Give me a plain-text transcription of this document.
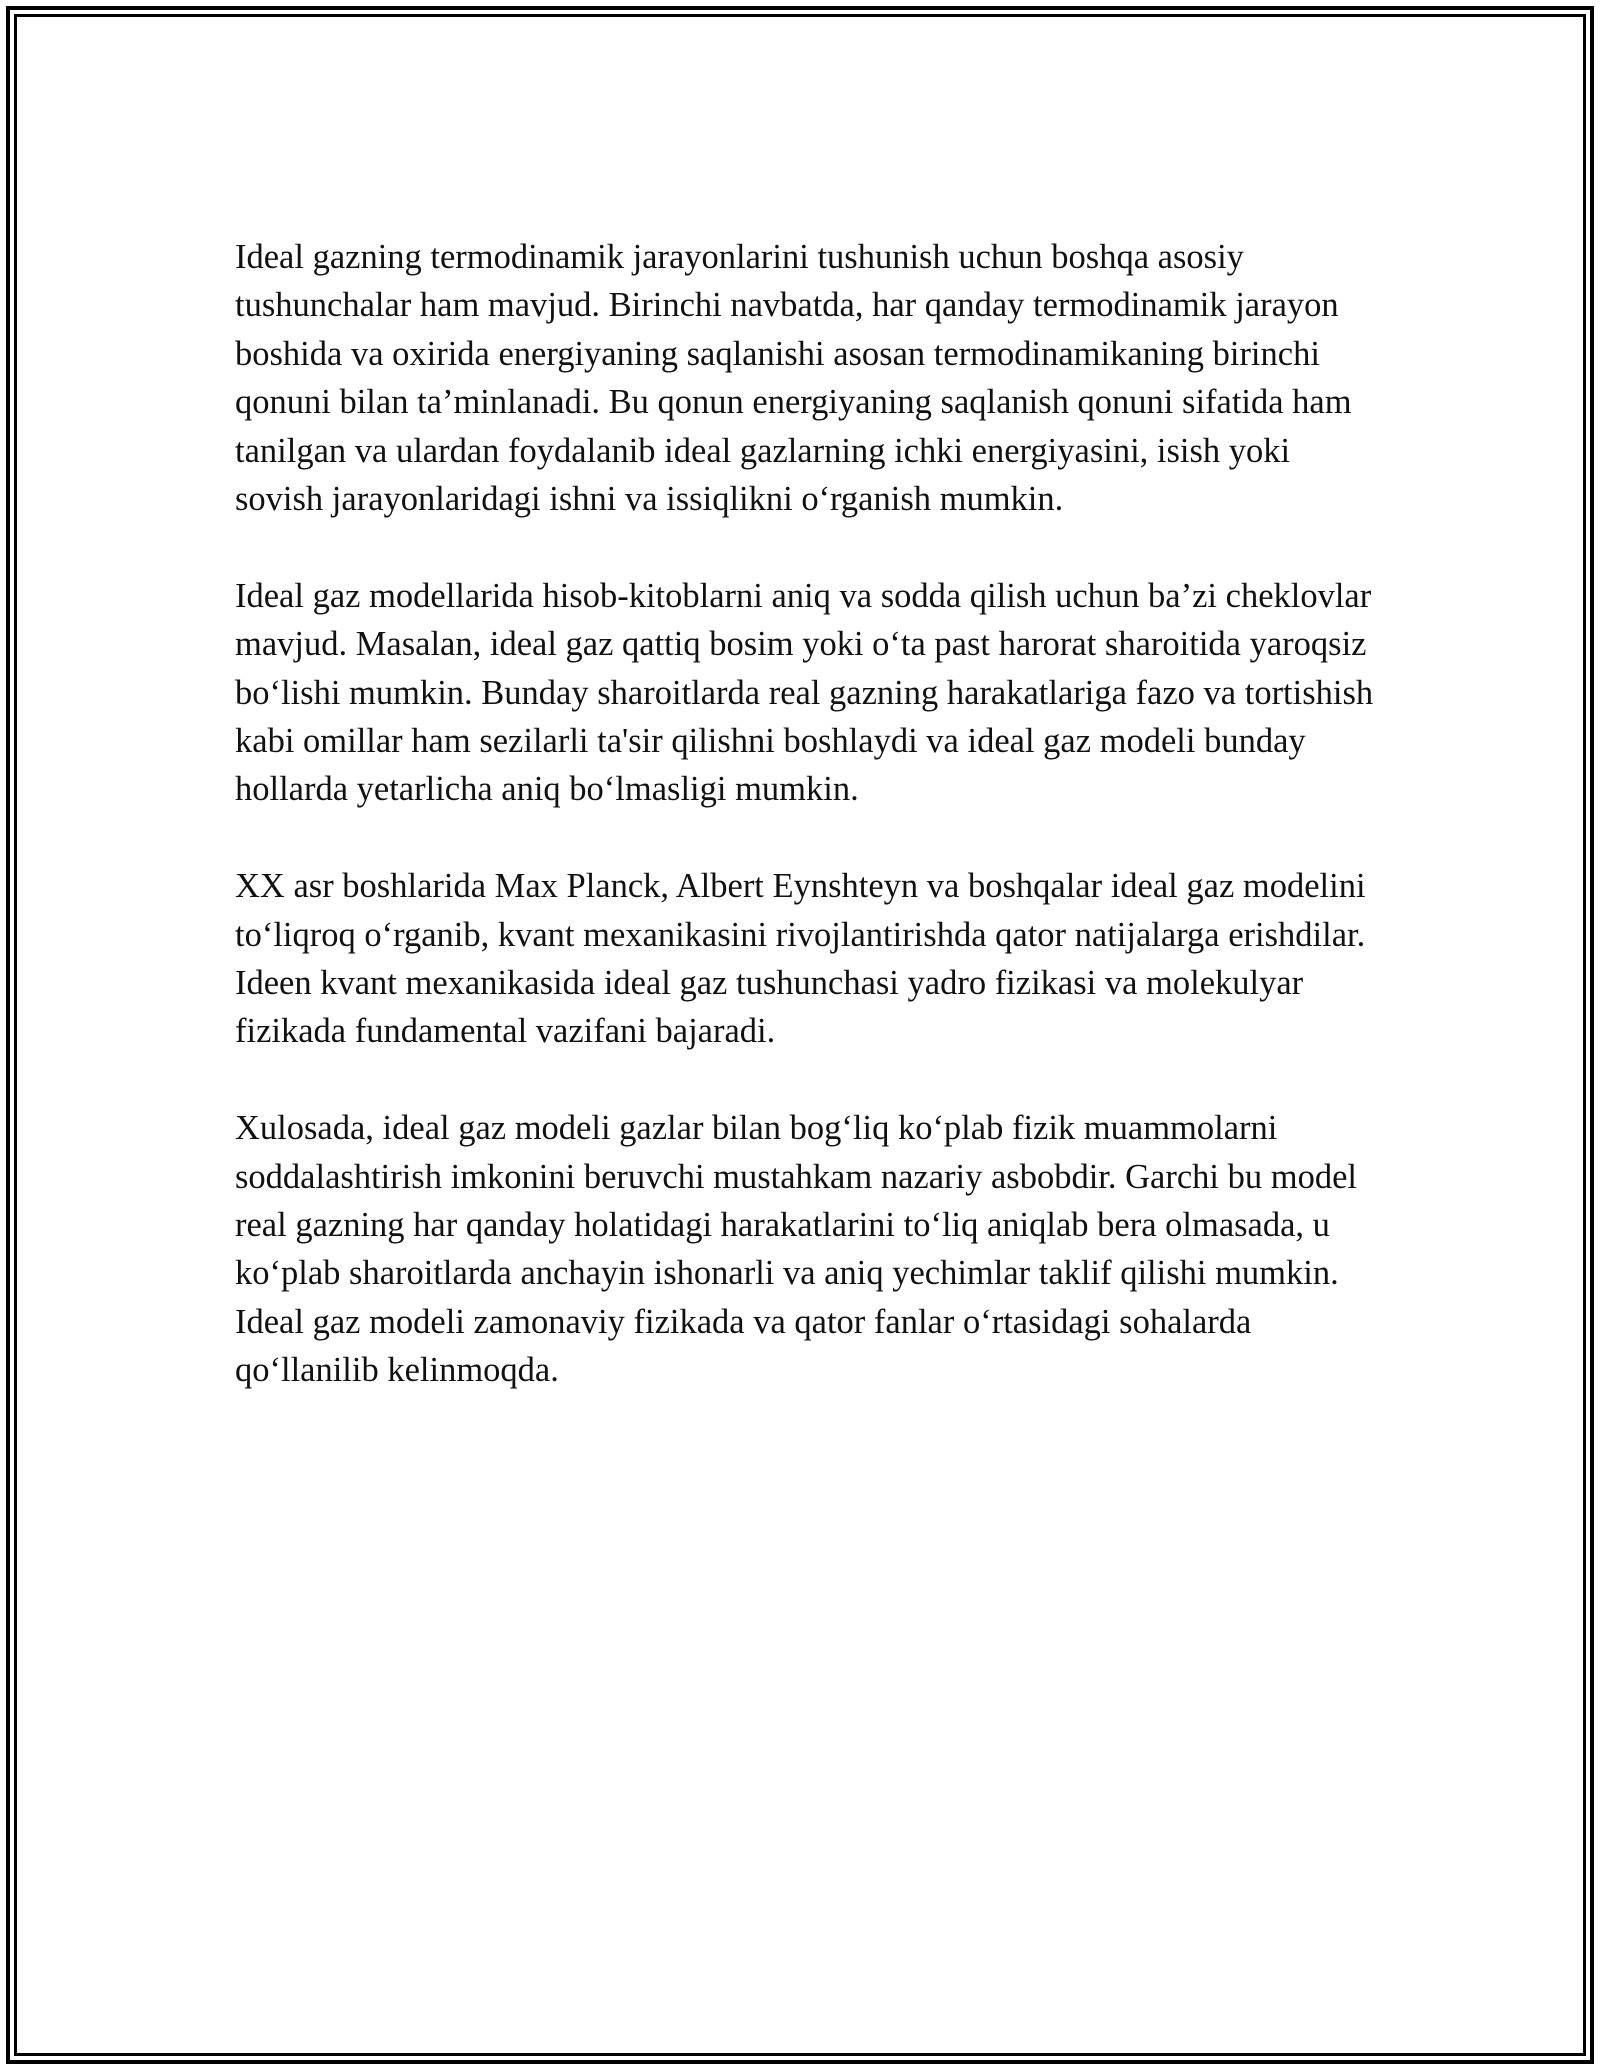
Ideal gazning termodinamik jarayonlarini tushunish uchun boshqa asosiy tushunchalar ham mavjud. Birinchi navbatda, har qanday termodinamik jarayon boshida va oxirida energiyaning saqlanishi asosan termodinamikaning birinchi qonuni bilan ta’minlanadi. Bu qonun energiyaning saqlanish qonuni sifatida ham tanilgan va ulardan foydalanib ideal gazlarning ichki energiyasini, isish yoki sovish jarayonlaridagi ishni va issiqlikni o‘rganish mumkin.

Ideal gaz modellarida hisob-kitoblarni aniq va sodda qilish uchun ba’zi cheklovlar mavjud. Masalan, ideal gaz qattiq bosim yoki o‘ta past harorat sharoitida yaroqsiz bo‘lishi mumkin. Bunday sharoitlarda real gazning harakatlariga fazo va tortishish kabi omillar ham sezilarli ta'sir qilishni boshlaydi va ideal gaz modeli bunday hollarda yetarlicha aniq bo‘lmasligi mumkin.

XX asr boshlarida Max Planck, Albert Eynshteyn va boshqalar ideal gaz modelini to‘liqroq o‘rganib, kvant mexanikasini rivojlantirishda qator natijalarga erishdilar. Ideen kvant mexanikasida ideal gaz tushunchasi yadro fizikasi va molekulyar fizikada fundamental vazifani bajaradi.

Xulosada, ideal gaz modeli gazlar bilan bog‘liq ko‘plab fizik muammolarni soddalashtirish imkonini beruvchi mustahkam nazariy asbobdir. Garchi bu model real gazning har qanday holatidagi harakatlarini to‘liq aniqlab bera olmasada, u ko‘plab sharoitlarda anchayin ishonarli va aniq yechimlar taklif qilishi mumkin. Ideal gaz modeli zamonaviy fizikada va qator fanlar o‘rtasidagi sohalarda qo‘llanilib kelinmoqda.
